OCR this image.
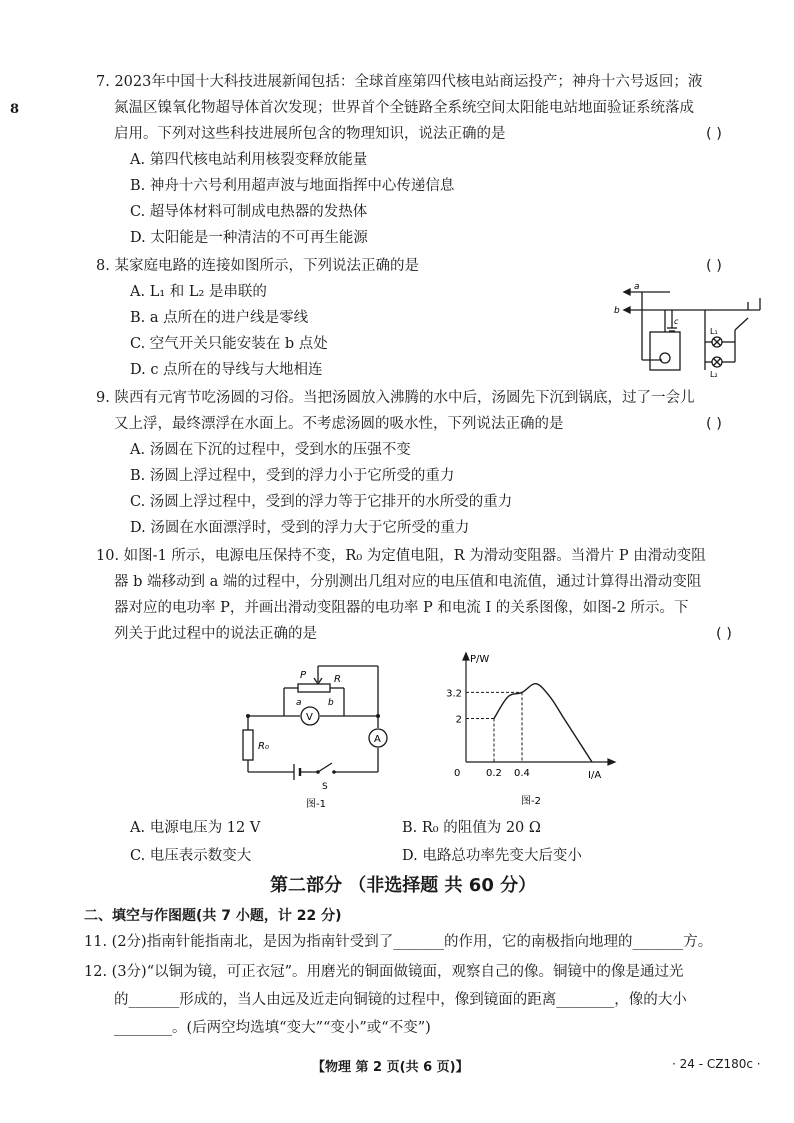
8

7. 2023年中国十大科技进展新闻包括：全球首座第四代核电站商运投产；神舟十六号返回；液

氮温区镍氧化物超导体首次发现；世界首个全链路全系统空间太阳能电站地面验证系统落成

启用。下列对这些科技进展所包含的物理知识，说法正确的是	( )

A. 第四代核电站利用核裂变释放能量

B. 神舟十六号利用超声波与地面指挥中心传递信息

C. 超导体材料可制成电热器的发热体

D. 太阳能是一种清洁的不可再生能源

8. 某家庭电路的连接如图所示，下列说法正确的是	( )

A. L₁ 和 L₂ 是串联的

B. a 点所在的进户线是零线

C. 空气开关只能安装在 b 点处

D. c 点所在的导线与大地相连

a
b
c
L₁
L₂

9. 陕西有元宵节吃汤圆的习俗。当把汤圆放入沸腾的水中后，汤圆先下沉到锅底，过了一会儿

又上浮，最终漂浮在水面上。不考虑汤圆的吸水性，下列说法正确的是	( )

A. 汤圆在下沉的过程中，受到水的压强不变

B. 汤圆上浮过程中，受到的浮力小于它所受的重力

C. 汤圆上浮过程中，受到的浮力等于它排开的水所受的重力

D. 汤圆在水面漂浮时，受到的浮力大于它所受的重力

10. 如图-1 所示，电源电压保持不变，R₀ 为定值电阻，R 为滑动变阻器。当滑片 P 由滑动变阻

器 b 端移动到 a 端的过程中，分别测出几组对应的电压值和电流值，通过计算得出滑动变阻

器对应的电功率 P，并画出滑动变阻器的电功率 P 和电流 I 的关系图像，如图-2 所示。下

列关于此过程中的说法正确的是	( )

P	R
a	b
V
A
R₀
S
图-1
0.2 0.4
2
3.2
P/W
I/A
0
图-2

A. 电源电压为 12 V	B. R₀ 的阻值为 20 Ω

C. 电压表示数变大	D. 电路总功率先变大后变小

第二部分 （非选择题 共 60 分）

二、填空与作图题(共 7 小题，计 22 分)

11. (2分)指南针能指南北，是因为指南针受到了_______的作用，它的南极指向地理的_______方。

12. (3分)“以铜为镜，可正衣冠”。用磨光的铜面做镜面，观察自己的像。铜镜中的像是通过光

的_______形成的，当人由远及近走向铜镜的过程中，像到镜面的距离________，像的大小

________。(后两空均选填“变大”“变小”或“不变”)

【物理 第 2 页(共 6 页)】	· 24 - CZ180c ·
